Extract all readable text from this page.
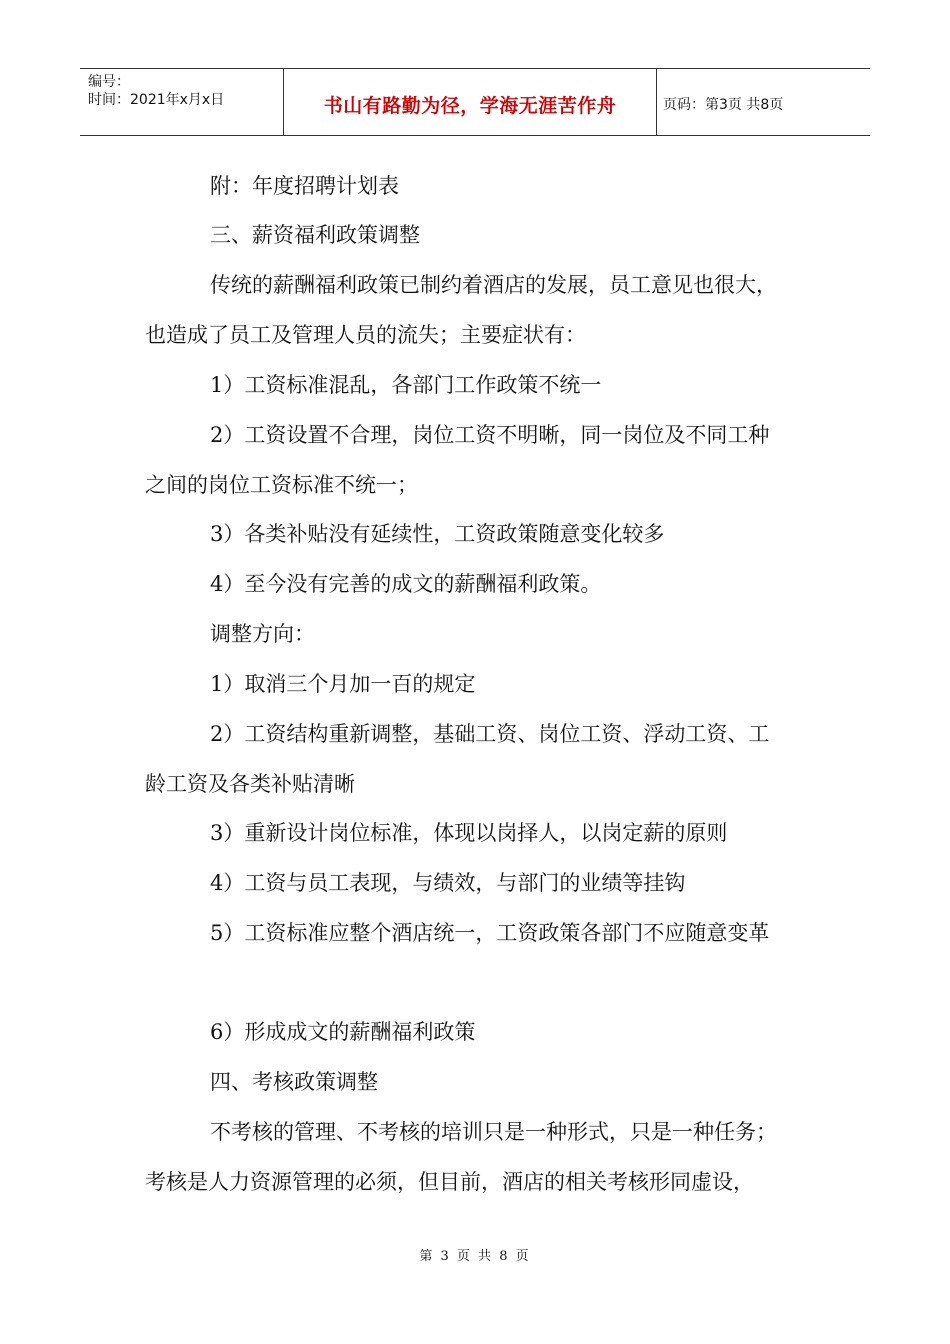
编号：
时间：2021年x月x日	书山有路勤为径，学海无涯苦作舟	页码：第3页 共8页
附：年度招聘计划表
三、薪资福利政策调整
传统的薪酬福利政策已制约着酒店的发展，员工意见也很大，
也造成了员工及管理人员的流失；主要症状有：
1）工资标准混乱，各部门工作政策不统一
2）工资设置不合理，岗位工资不明晰，同一岗位及不同工种
之间的岗位工资标准不统一；
3）各类补贴没有延续性，工资政策随意变化较多
4）至今没有完善的成文的薪酬福利政策。
调整方向：
1）取消三个月加一百的规定
2）工资结构重新调整，基础工资、岗位工资、浮动工资、工
龄工资及各类补贴清晰
3）重新设计岗位标准，体现以岗择人，以岗定薪的原则
4）工资与员工表现，与绩效，与部门的业绩等挂钩
5）工资标准应整个酒店统一，工资政策各部门不应随意变革
6）形成成文的薪酬福利政策
四、考核政策调整
不考核的管理、不考核的培训只是一种形式，只是一种任务；
考核是人力资源管理的必须，但目前，酒店的相关考核形同虚设，
第 3 页 共 8 页
